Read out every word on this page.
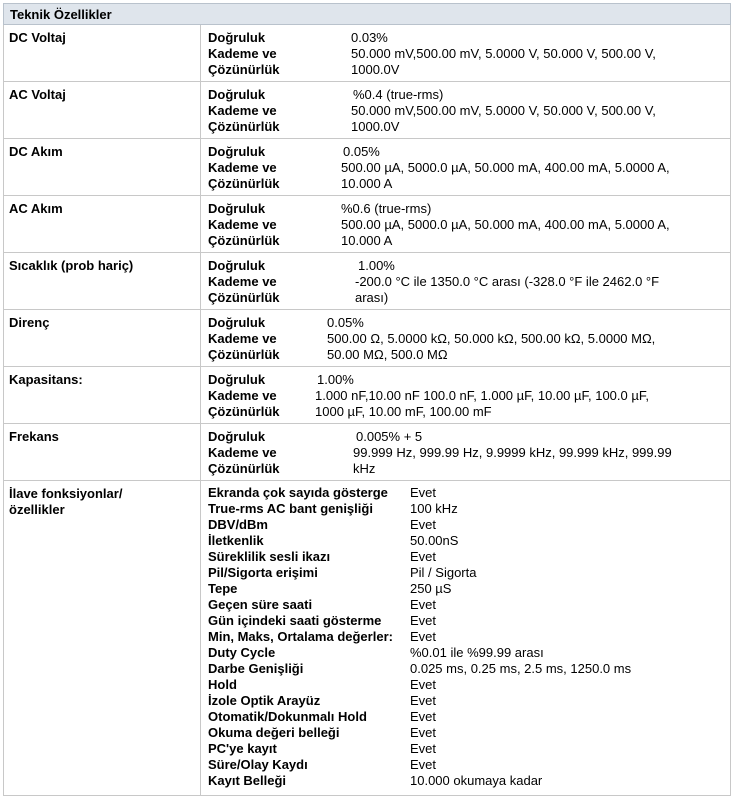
Teknik Özellikler
DC Voltaj	Doğruluk	0.03%
Kademe ve	50.000 mV,500.00 mV, 5.0000 V, 50.000 V, 500.00 V,
Çözünürlük	1000.0V
AC Voltaj	Doğruluk	%0.4 (true-rms)
Kademe ve	50.000 mV,500.00 mV, 5.0000 V, 50.000 V, 500.00 V,
Çözünürlük	1000.0V
DC Akım	Doğruluk	0.05%
Kademe ve	500.00 µA, 5000.0 µA, 50.000 mA, 400.00 mA, 5.0000 A,
Çözünürlük	10.000 A
AC Akım	Doğruluk	%0.6 (true-rms)
Kademe ve	500.00 µA, 5000.0 µA, 50.000 mA, 400.00 mA, 5.0000 A,
Çözünürlük	10.000 A
Sıcaklık (prob hariç)	Doğruluk	1.00%
Kademe ve	-200.0 °C ile 1350.0 °C arası (-328.0 °F ile 2462.0 °F
Çözünürlük	arası)
Direnç	Doğruluk	0.05%
Kademe ve	500.00 Ω, 5.0000 kΩ, 50.000 kΩ, 500.00 kΩ, 5.0000 MΩ,
Çözünürlük	50.00 MΩ, 500.0 MΩ
Kapasitans:	Doğruluk	1.00%
Kademe ve	1.000 nF,10.00 nF 100.0 nF, 1.000 µF, 10.00 µF, 100.0 µF,
Çözünürlük	1000 µF, 10.00 mF, 100.00 mF
Frekans	Doğruluk	0.005% + 5
Kademe ve	99.999 Hz, 999.99 Hz, 9.9999 kHz, 99.999 kHz, 999.99
Çözünürlük	kHz
İlave fonksiyonlar/
özellikler
Ekranda çok sayıda gösterge	Evet
True-rms AC bant genişliği	100 kHz
DBV/dBm	Evet
İletkenlik	50.00nS
Süreklilik sesli ikazı	Evet
Pil/Sigorta erişimi	Pil / Sigorta
Tepe	250 µS
Geçen süre saati	Evet
Gün içindeki saati gösterme	Evet
Min, Maks, Ortalama değerler:	Evet
Duty Cycle	%0.01 ile %99.99 arası
Darbe Genişliği	0.025 ms, 0.25 ms, 2.5 ms, 1250.0 ms
Hold	Evet
İzole Optik Arayüz	Evet
Otomatik/Dokunmalı Hold	Evet
Okuma değeri belleği	Evet
PC'ye kayıt	Evet
Süre/Olay Kaydı	Evet
Kayıt Belleği	10.000 okumaya kadar
